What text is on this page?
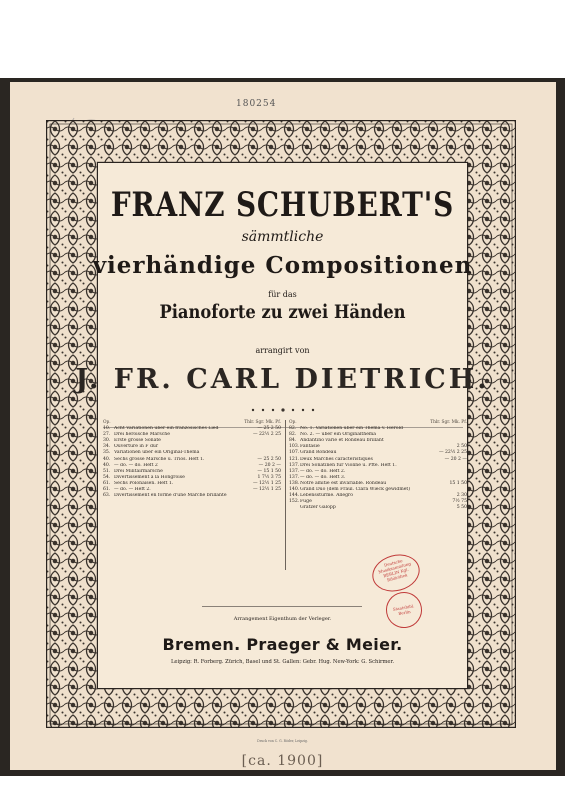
180254
FRANZ SCHUBERT'S
sämmtliche
vierhändige Compositionen
für das
Pianoforte zu zwei Händen
arrangirt von
J. FR. CARL DIETRICH.
Op.	Thlr. Sgr. Mk. Pf.
10. Acht Variationen über ein französisches Lied	— 25 2 50
27. Drei heroische Marsche	— 22½ 2 25
30. Erste grosse Sonate
34. Ouverture in F dur
35. Variationen über ein Original-Thema
40. Sechs grosse Marsche u. Trios. Heft 1.	— 25 2 50
40. — do. — do. Heft 2	— 20 2 —
51. Drei Militairmarsche	— 15 1 50
54. Divertissement à la Hongroise	1 7½ 3 75
61. Sechs Polonaisen. Heft 1.	— 12½ 1 25
61. — do. — Heft 2.	— 12½ 1 25
63. Divertissement en forme d'une Marche brillante
Op.	Thlr. Sgr. Mk. Pf.
82. No. 1. Variationen über ein Thema v. Herold
82. No. 2. — über ein Originalthema
84. Andantino varié et Rondeau brillant
103. Fantasie	2 50
107. Grand Rondeau	— 22½ 2 25
121. Deux Marches caracteristiques	— 20 2 —
137. Drei Sonatinen für Violine u. Pfte. Heft 1.
137. — do. — do. Heft 2.
137. — do. — do. Heft 3.
138. Notre amitié est invariable. Rondeau	15 1 50
140. Grand Duo (dem Fräul. Clara Wieck gewidmet)
144. Lebensstürme. Allegro	2 30
152. Fuge	7½ 75
Gratzer Galopp	5 50
Deutsche Musiksammlung BERLIN Kgl. Bibliothek
Staatsbibl. Berlin
Arrangement Eigenthum der Verleger.
Bremen. Praeger & Meier.
Leipzig: R. Forberg. Zürich, Basel und St. Gallen: Gebr. Hug. New-York: G. Schirmer.
Druck von C. G. Röder, Leipzig.
[ca. 1900]
